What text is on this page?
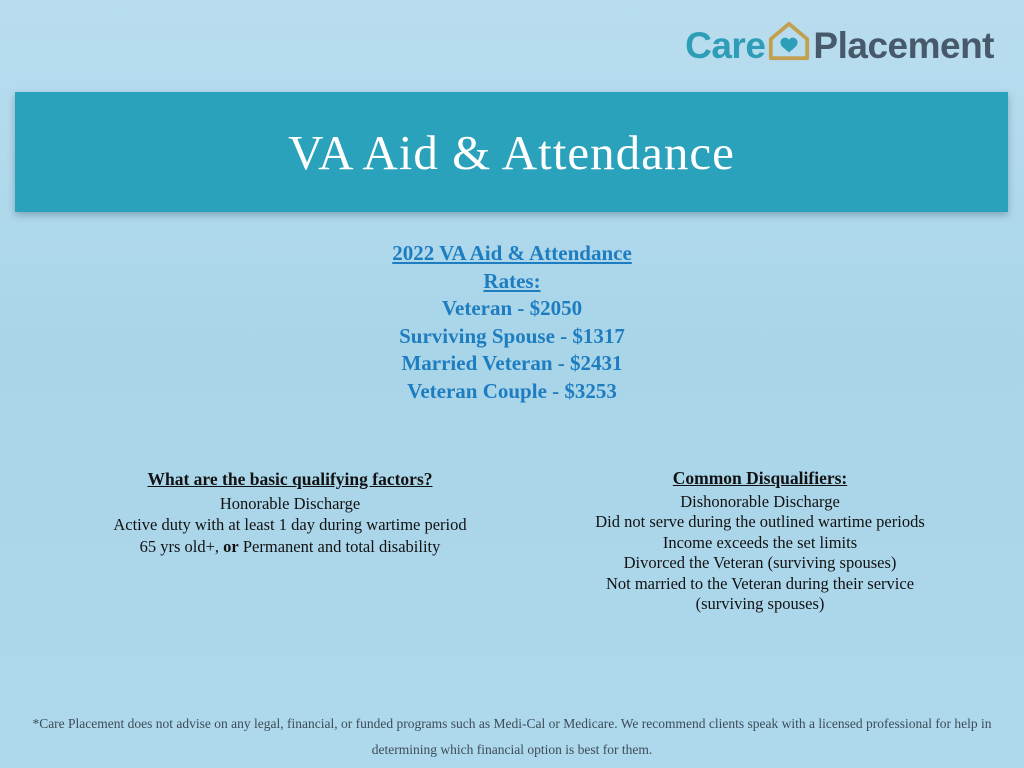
Care Placement
VA Aid & Attendance
2022 VA Aid & Attendance
Rates:
Veteran - $2050
Surviving Spouse - $1317
Married Veteran - $2431
Veteran Couple - $3253
What are the basic qualifying factors?
Honorable Discharge
Active duty with at least 1 day during wartime period
65 yrs old+, or Permanent and total disability
Common Disqualifiers:
Dishonorable Discharge
Did not serve during the outlined wartime periods
Income exceeds the set limits
Divorced the Veteran (surviving spouses)
Not married to the Veteran during their service
(surviving spouses)
*Care Placement does not advise on any legal, financial, or funded programs such as Medi-Cal or Medicare. We recommend clients speak with a licensed professional for help in
determining which financial option is best for them.
